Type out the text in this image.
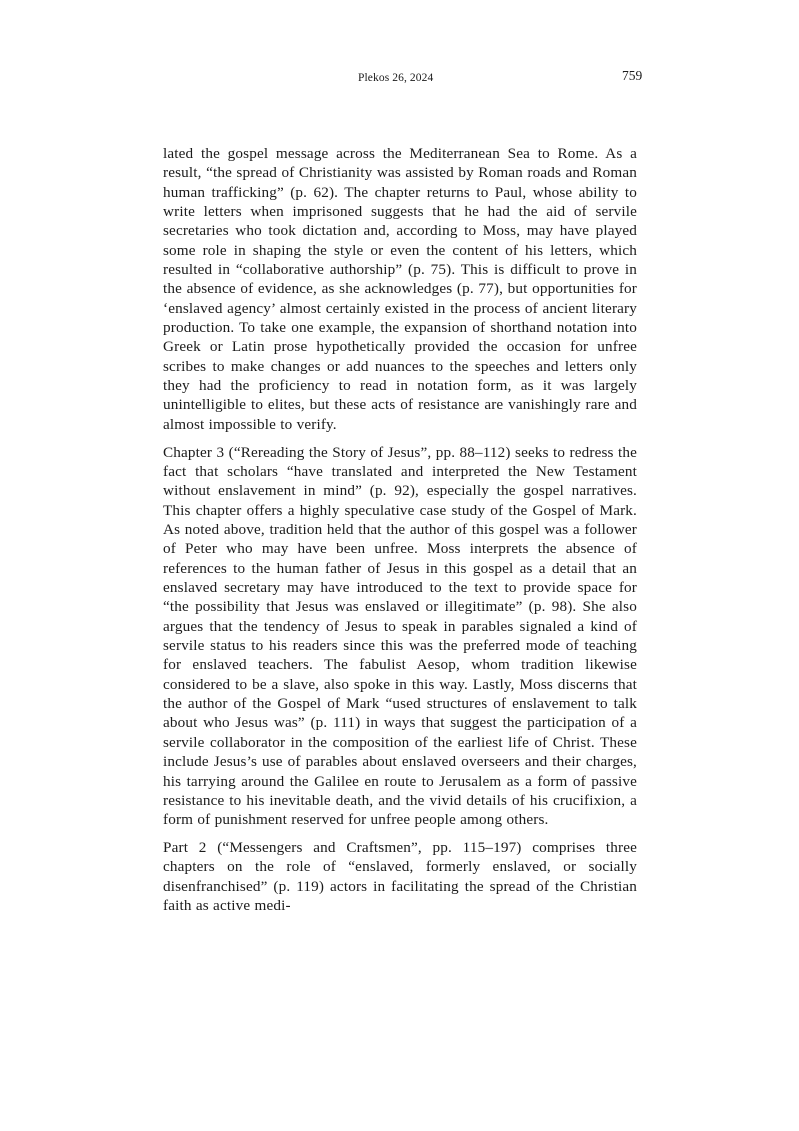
Plekos 26, 2024	759

lated the gospel message across the Mediterranean Sea to Rome. As a result, “the spread of Christianity was assisted by Roman roads and Roman human trafficking” (p. 62). The chapter returns to Paul, whose ability to write letters when imprisoned suggests that he had the aid of servile secretaries who took dictation and, according to Moss, may have played some role in shaping the style or even the content of his letters, which resulted in “collaborative authorship” (p. 75). This is difficult to prove in the absence of evidence, as she acknowledges (p. 77), but opportunities for ‘enslaved agency’ almost certainly existed in the process of ancient literary production. To take one example, the expansion of shorthand notation into Greek or Latin prose hypothetically provided the occasion for unfree scribes to make changes or add nuances to the speeches and letters only they had the proficiency to read in notation form, as it was largely unintelligible to elites, but these acts of resistance are vanishingly rare and almost impossible to verify.

Chapter 3 (“Rereading the Story of Jesus”, pp. 88–112) seeks to redress the fact that scholars “have translated and interpreted the New Testament without enslavement in mind” (p. 92), especially the gospel narratives. This chapter offers a highly speculative case study of the Gospel of Mark. As noted above, tradition held that the author of this gospel was a follower of Peter who may have been unfree. Moss interprets the absence of references to the human father of Jesus in this gospel as a detail that an enslaved secretary may have introduced to the text to provide space for “the possibility that Jesus was enslaved or illegitimate” (p. 98). She also argues that the tendency of Jesus to speak in parables signaled a kind of servile status to his readers since this was the preferred mode of teaching for enslaved teachers. The fabulist Aesop, whom tradition likewise considered to be a slave, also spoke in this way. Lastly, Moss discerns that the author of the Gospel of Mark “used structures of enslavement to talk about who Jesus was” (p. 111) in ways that suggest the participation of a servile collaborator in the composition of the earliest life of Christ. These include Jesus’s use of parables about enslaved overseers and their charges, his tarrying around the Galilee en route to Jerusalem as a form of passive resistance to his inevitable death, and the vivid details of his crucifixion, a form of punishment reserved for unfree people among others.

Part 2 (“Messengers and Craftsmen”, pp. 115–197) comprises three chapters on the role of “enslaved, formerly enslaved, or socially disenfranchised” (p. 119) actors in facilitating the spread of the Christian faith as active medi-
